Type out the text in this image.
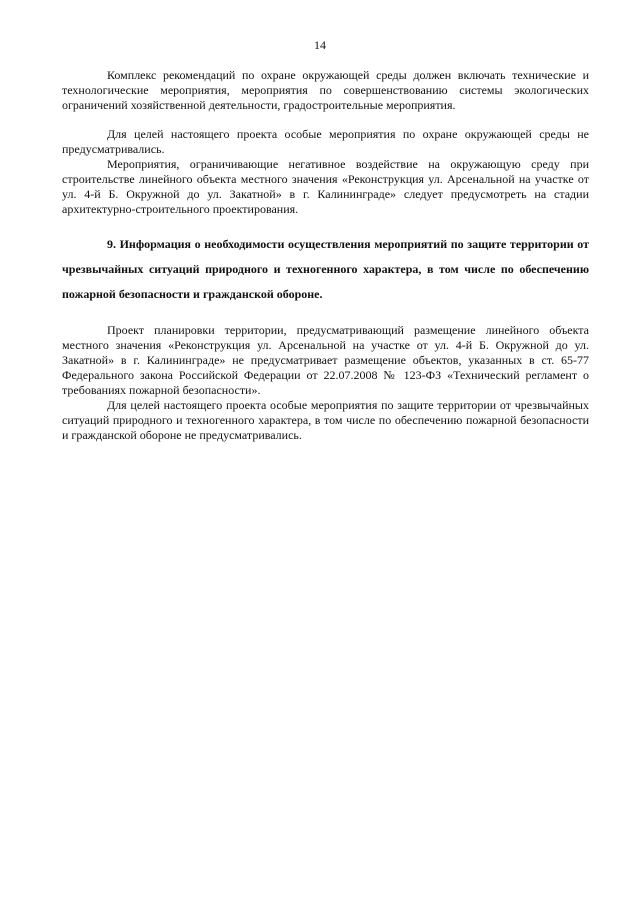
14

Комплекс рекомендаций по охране окружающей среды должен включать технические и технологические мероприятия, мероприятия по совершенствованию системы экологических ограничений хозяйственной деятельности, градостроительные мероприятия.

Для целей настоящего проекта особые мероприятия по охране окружающей среды не предусматривались.

Мероприятия, ограничивающие негативное воздействие на окружающую среду при строительстве линейного объекта местного значения «Реконструкция ул. Арсенальной на участке от ул. 4-й Б. Окружной до ул. Закатной» в г. Калининграде» следует предусмотреть на стадии архитектурно-строительного проектирования.

9. Информация о необходимости осуществления мероприятий по защите территории от чрезвычайных ситуаций природного и техногенного характера, в том числе по обеспечению пожарной безопасности и гражданской обороне.

Проект планировки территории, предусматривающий размещение линейного объекта местного значения «Реконструкция ул. Арсенальной на участке от ул. 4-й Б. Окружной до ул. Закатной» в г. Калининграде» не предусматривает размещение объектов, указанных в ст. 65-77 Федерального закона Российской Федерации от 22.07.2008 № 123-ФЗ «Технический регламент о требованиях пожарной безопасности».

Для целей настоящего проекта особые мероприятия по защите территории от чрезвычайных ситуаций природного и техногенного характера, в том числе по обеспечению пожарной безопасности и гражданской обороне не предусматривались.
